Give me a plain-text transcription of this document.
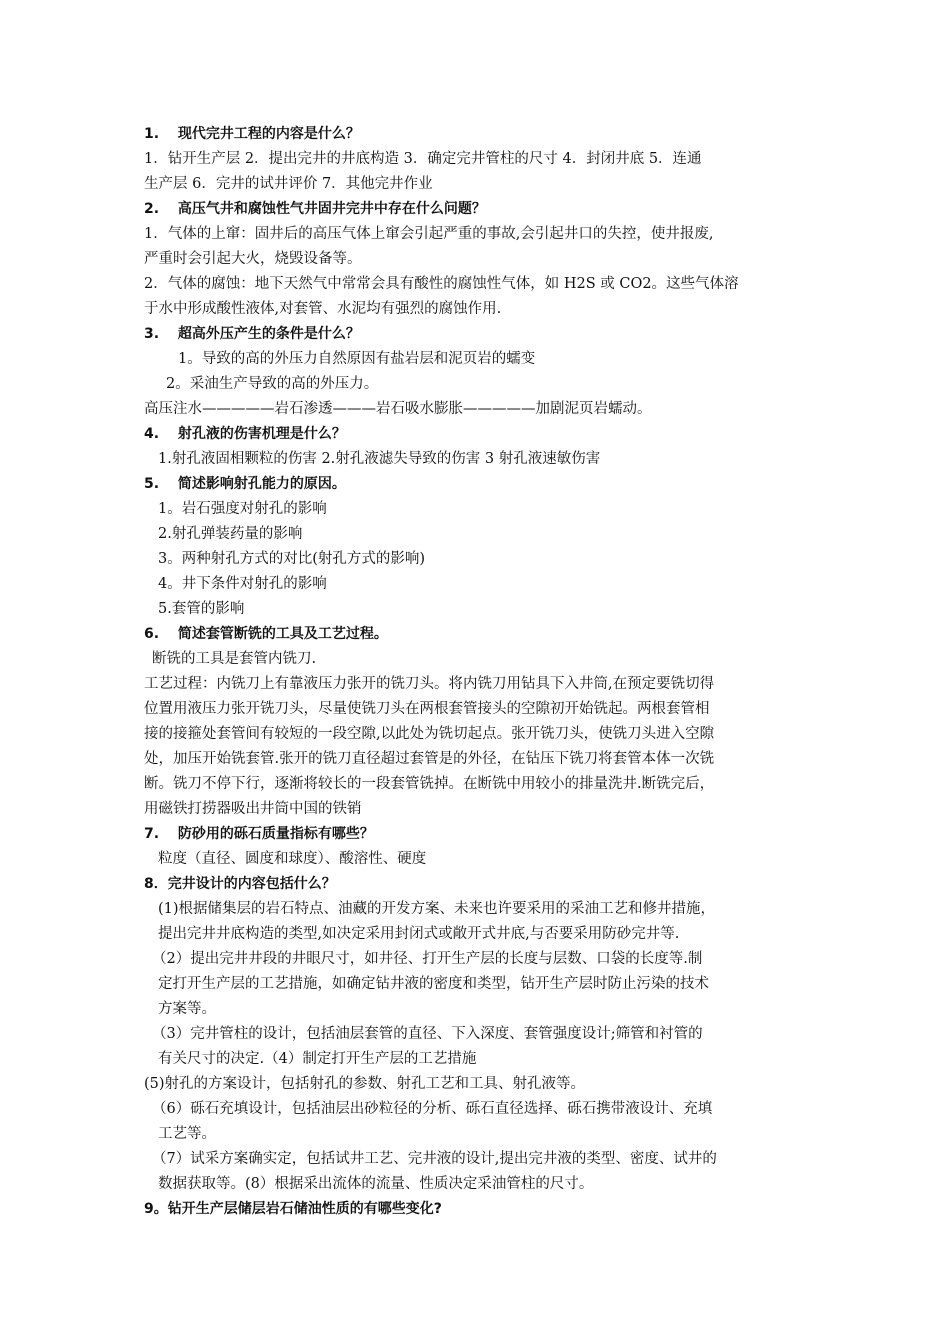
1.　 现代完井工程的内容是什么？
1．钻开生产层 2．提出完井的井底构造 3．确定完井管柱的尺寸 4．封闭井底 5．连通
生产层 6．完井的试井评价 7．其他完井作业
2.　 高压气井和腐蚀性气井固井完井中存在什么问题？
1．气体的上窜：固井后的高压气体上窜会引起严重的事故,会引起井口的失控，使井报废,
严重时会引起大火，烧毁设备等。
2．气体的腐蚀：地下天然气中常常会具有酸性的腐蚀性气体，如 H2S 或 CO2。这些气体溶
于水中形成酸性液体,对套管、水泥均有强烈的腐蚀作用.
3.　 超高外压产生的条件是什么？
1。导致的高的外压力自然原因有盐岩层和泥页岩的蠕变
2。采油生产导致的高的外压力。
高压注水—————岩石渗透———岩石吸水膨胀—————加剧泥页岩蠕动。
4.　 射孔液的伤害机理是什么？
1.射孔液固相颗粒的伤害 2.射孔液滤失导致的伤害 3 射孔液速敏伤害
5.　 简述影响射孔能力的原因。
1。岩石强度对射孔的影响
2.射孔弹装药量的影响
3。两种射孔方式的对比(射孔方式的影响)
4。井下条件对射孔的影响
5.套管的影响
6.　 简述套管断铣的工具及工艺过程。
断铣的工具是套管内铣刀.
工艺过程：内铣刀上有靠液压力张开的铣刀头。将内铣刀用钻具下入井筒,在预定要铣切得
位置用液压力张开铣刀头，尽量使铣刀头在两根套管接头的空隙初开始铣起。两根套管相
接的接箍处套管间有较短的一段空隙,以此处为铣切起点。张开铣刀头，使铣刀头进入空隙
处，加压开始铣套管.张开的铣刀直径超过套管是的外径，在钻压下铣刀将套管本体一次铣
断。铣刀不停下行，逐渐将较长的一段套管铣掉。在断铣中用较小的排量洗井.断铣完后，
用磁铁打捞器吸出井筒中国的铁销
7.　 防砂用的砾石质量指标有哪些？
粒度（直径、圆度和球度）、酸溶性、硬度
8．完井设计的内容包括什么？
(1)根据储集层的岩石特点、油藏的开发方案、未来也许要采用的采油工艺和修井措施，
提出完井井底构造的类型,如决定采用封闭式或敞开式井底,与否要采用防砂完井等.
（2）提出完井井段的井眼尺寸，如井径、打开生产层的长度与层数、口袋的长度等.制
定打开生产层的工艺措施，如确定钻井液的密度和类型，钻开生产层时防止污染的技术
方案等。
（3）完井管柱的设计，包括油层套管的直径、下入深度、套管强度设计;筛管和衬管的
有关尺寸的决定.（4）制定打开生产层的工艺措施
(5)射孔的方案设计，包括射孔的参数、射孔工艺和工具、射孔液等。
（6）砾石充填设计，包括油层出砂粒径的分析、砾石直径选择、砾石携带液设计、充填
工艺等。
（7）试采方案确实定，包括试井工艺、完井液的设计,提出完井液的类型、密度、试井的
数据获取等。(8）根据采出流体的流量、性质决定采油管柱的尺寸。
9。钻开生产层储层岩石储油性质的有哪些变化?
